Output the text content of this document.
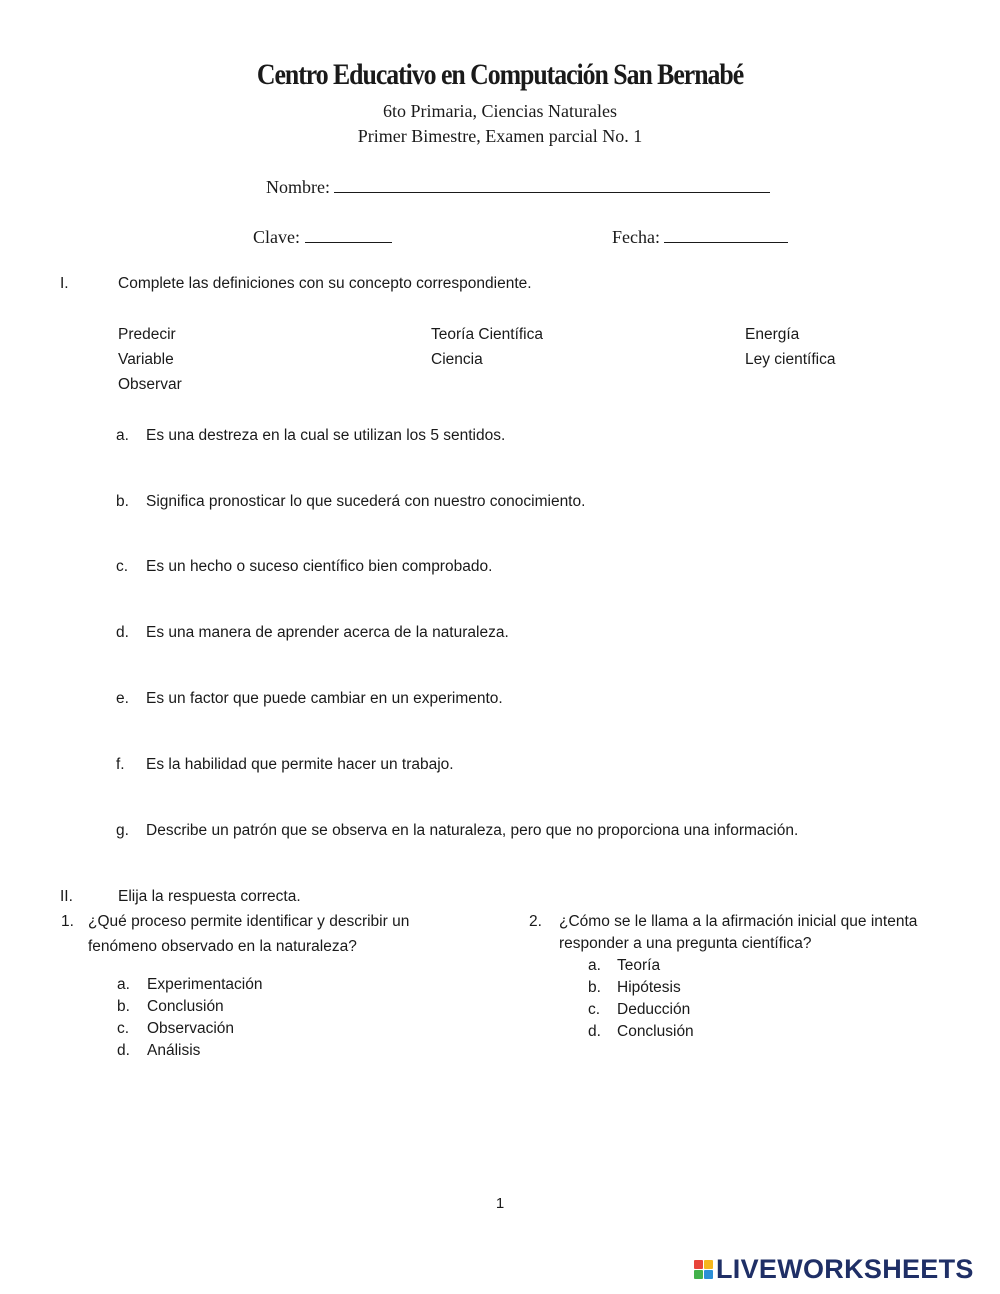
Centro Educativo en Computación San Bernabé
6to Primaria, Ciencias Naturales
Primer Bimestre, Examen parcial No. 1
Nombre:
Clave:	Fecha:
I.	Complete las definiciones con su concepto correspondiente.
Predecir	Teoría Científica	Energía
Variable	Ciencia	Ley científica
Observar
a. Es una destreza en la cual se utilizan los 5 sentidos.
b. Significa pronosticar lo que sucederá con nuestro conocimiento.
c. Es un hecho o suceso científico bien comprobado.
d. Es una manera de aprender acerca de la naturaleza.
e. Es un factor que puede cambiar en un experimento.
f. Es la habilidad que permite hacer un trabajo.
g. Describe un patrón que se observa en la naturaleza, pero que no proporciona una información.
II.	Elija la respuesta correcta.
1. ¿Qué proceso permite identificar y describir un
fenómeno observado en la naturaleza?
a. Experimentación
b. Conclusión
c. Observación
d. Análisis
2. ¿Cómo se le llama a la afirmación inicial que intenta
responder a una pregunta científica?
a. Teoría
b. Hipótesis
c. Deducción
d. Conclusión
1
LIVEWORKSHEETS
